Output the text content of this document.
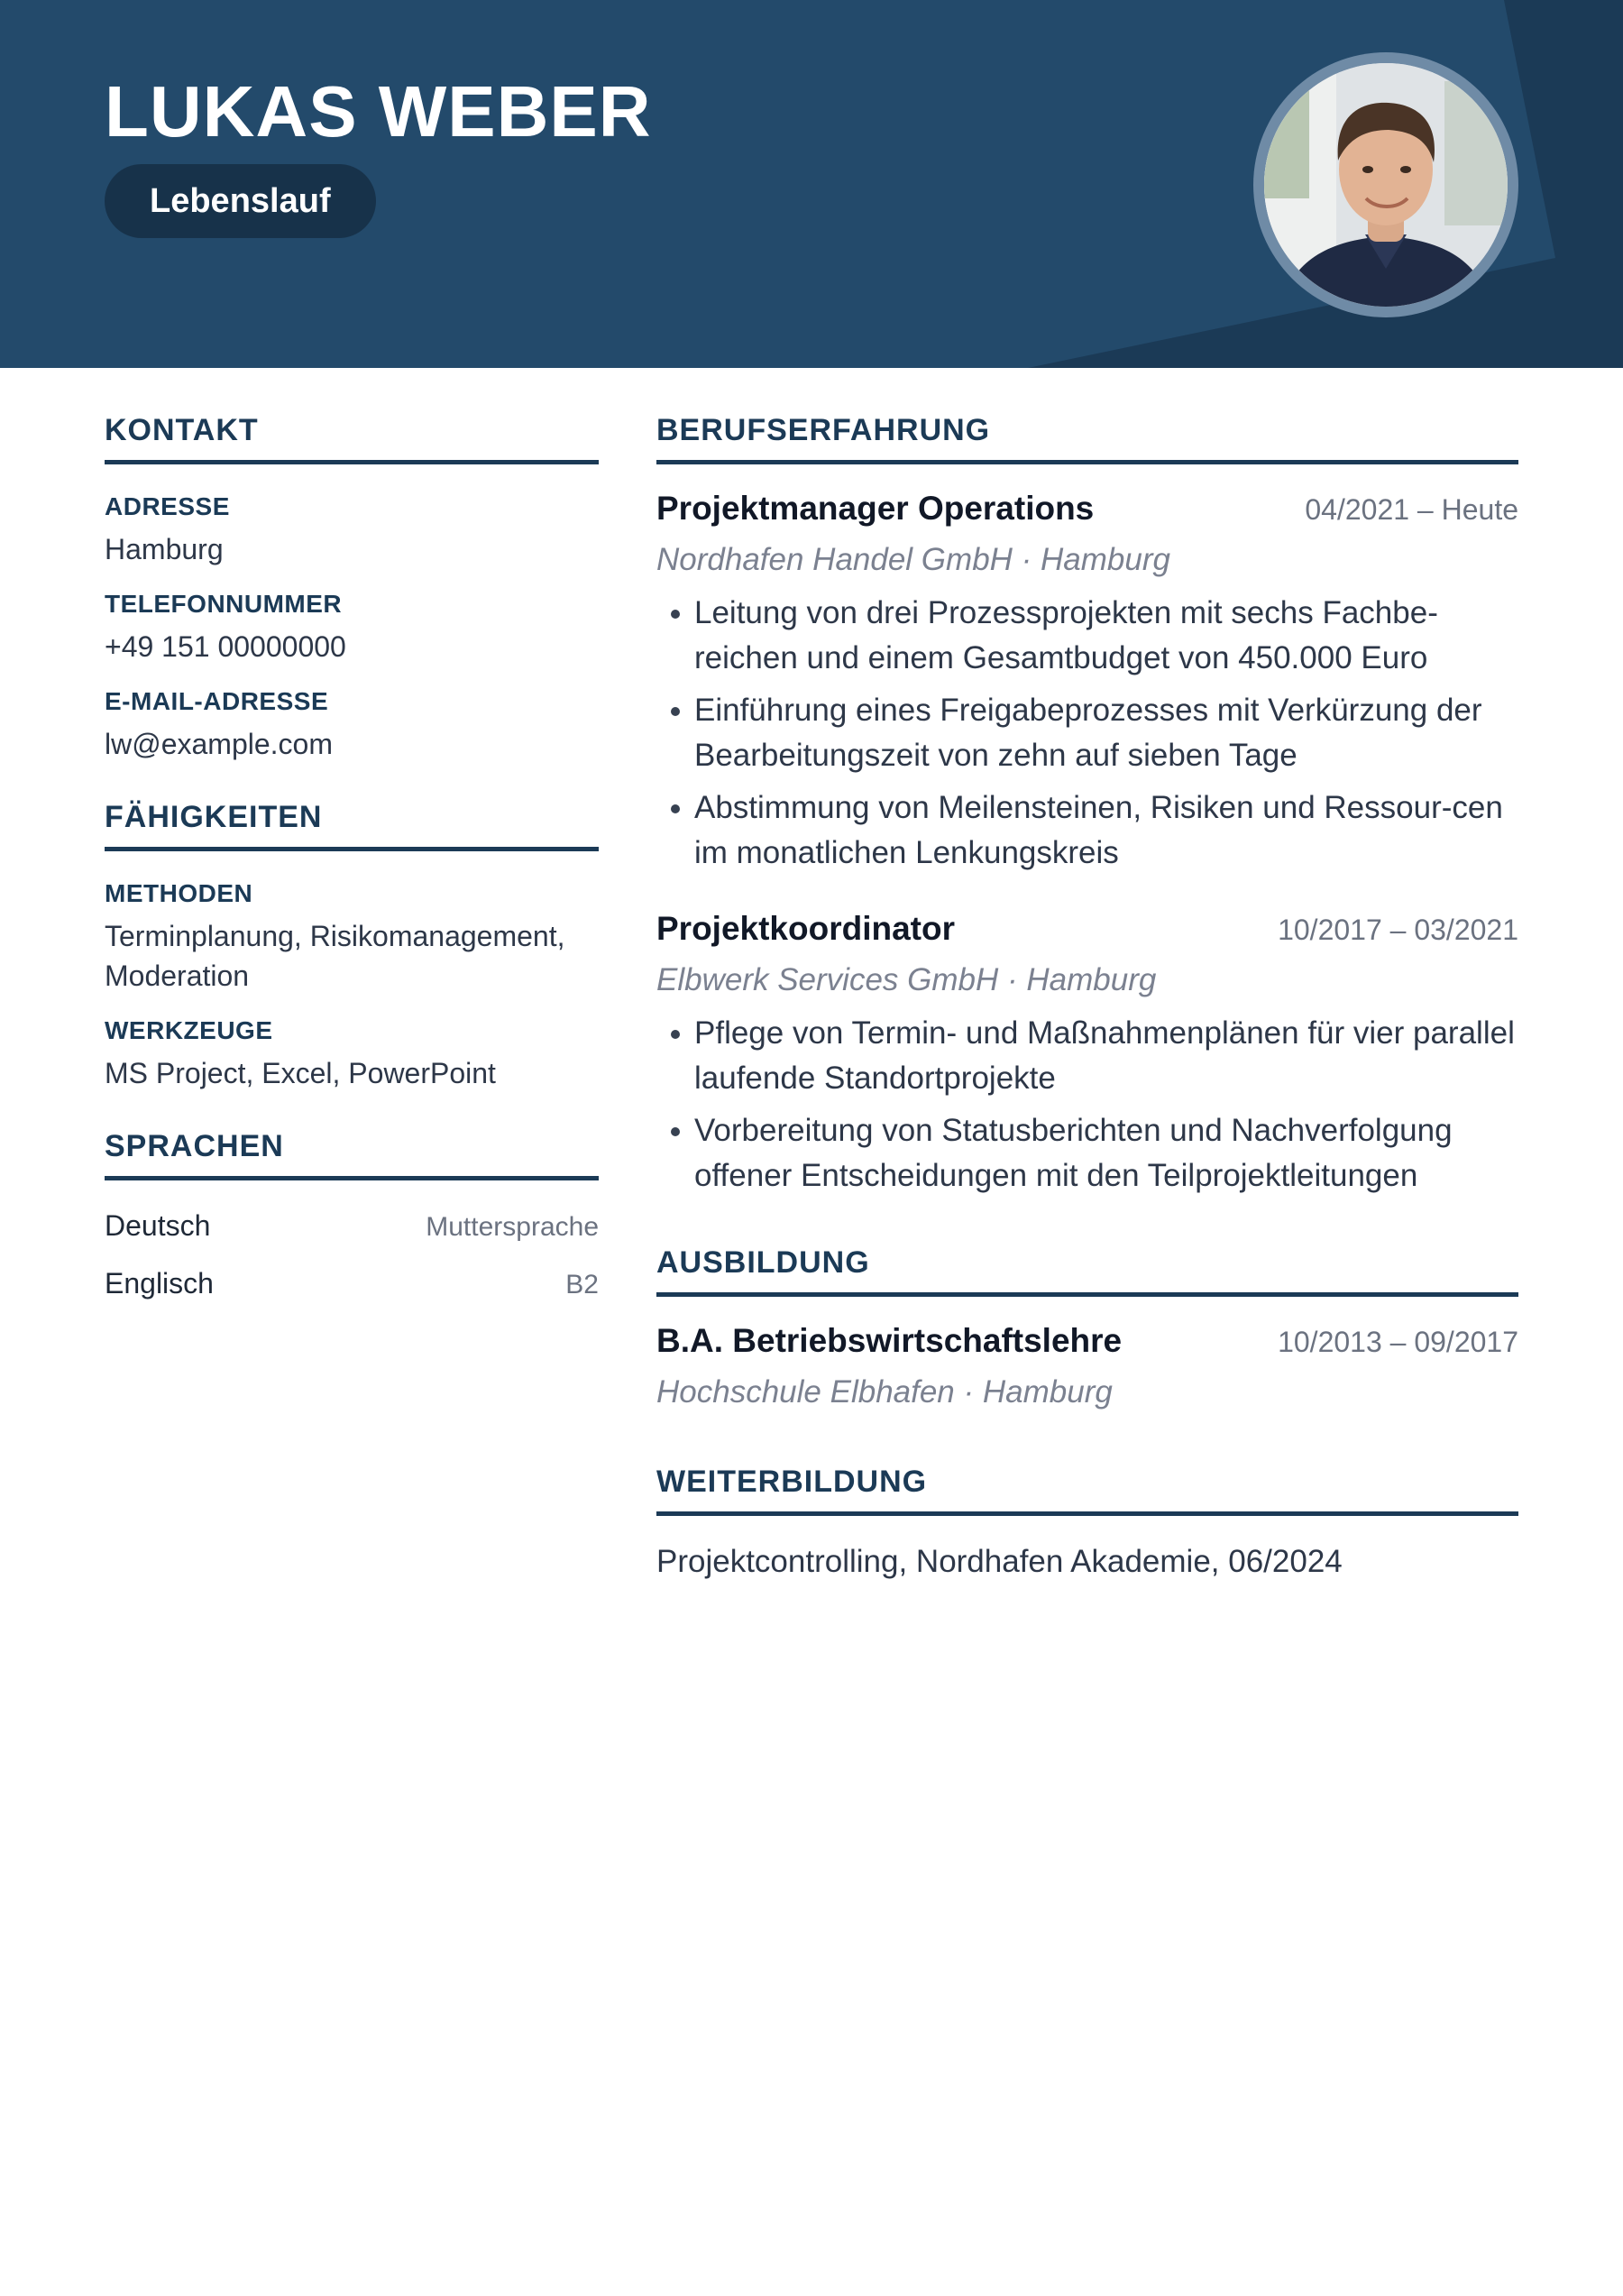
LUKAS WEBER
Lebenslauf
KONTAKT
ADRESSE
Hamburg
TELEFONNUMMER
+49 151 00000000
E-MAIL-ADRESSE
lw@example.com
FÄHIGKEITEN
METHODEN
Terminplanung, Risikomanagement, Moderation
WERKZEUGE
MS Project, Excel, PowerPoint
SPRACHEN
Deutsch	Muttersprache
Englisch	B2
BERUFSERFAHRUNG
Projektmanager Operations	04/2021 – Heute
Nordhafen Handel GmbH · Hamburg
Leitung von drei Prozessprojekten mit sechs Fachbe-reichen und einem Gesamtbudget von 450.000 Euro
Einführung eines Freigabeprozesses mit Verkürzung der Bearbeitungszeit von zehn auf sieben Tage
Abstimmung von Meilensteinen, Risiken und Ressour-cen im monatlichen Lenkungskreis
Projektkoordinator	10/2017 – 03/2021
Elbwerk Services GmbH · Hamburg
Pflege von Termin- und Maßnahmenplänen für vier parallel laufende Standortprojekte
Vorbereitung von Statusberichten und Nachverfolgung offener Entscheidungen mit den Teilprojektleitungen
AUSBILDUNG
B.A. Betriebswirtschaftslehre	10/2013 – 09/2017
Hochschule Elbhafen · Hamburg
WEITERBILDUNG
Projektcontrolling, Nordhafen Akademie, 06/2024
